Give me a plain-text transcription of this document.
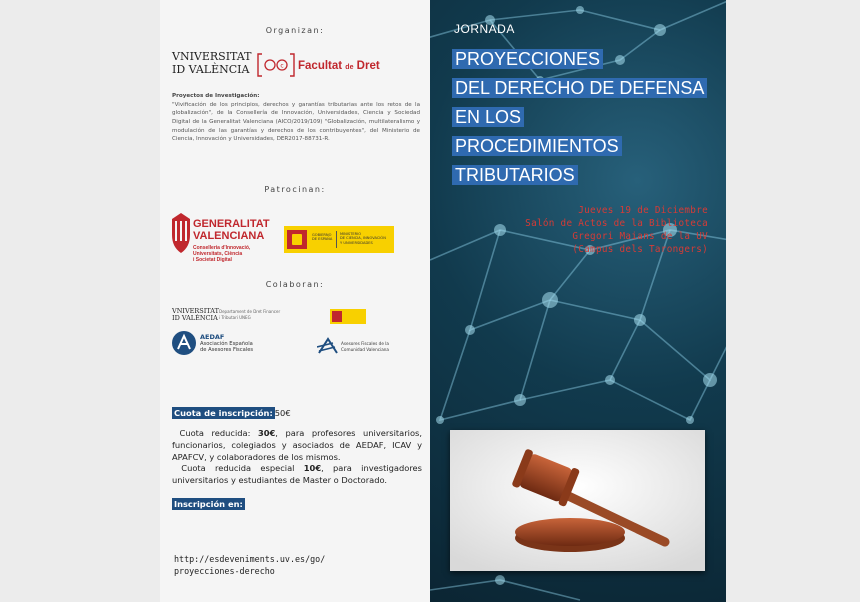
Organizan:
VNIVERSITAT
ID VALÈNCIA	c Facultat de Dret
Proyectos de Investigación:
"Vivificación de los principios, derechos y garantías tributarias ante los retos de la globalización", de la Consellería de Innovación, Universidades, Ciencia y Sociedad Digital de la Generalitat Valenciana (AICO/2019/109) "Globalización, multilateralismo y modulación de las garantías y derechos de los contribuyentes", del Ministerio de Ciencia, Innovación y Universidades, DER2017-88731-R.
Patrocinan:
GENERALITAT
VALENCIANA
Conselleria d'Innovació,
Universitats, Ciència
i Societat Digital
GOBIERNO
DE ESPAÑA
MINISTERIO
DE CIENCIA, INNOVACIÓN
Y UNIVERSIDADES
Colaboran:
VNIVERSITAT
ID VALÈNCIA
Departament de Dret Financer
i Tributari UNEG
AEDAF
Asociación Española
de Asesores Fiscales
Asesores Fiscales de la
Comunidad Valenciana
Cuota de inscripción: 50€
Cuota reducida: 30€, para profesores universitarios, funcionarios, colegiados y asociados de AEDAF, ICAV y APAFCV, y colaboradores de los mismos.
Cuota reducida especial 10€, para investigadores universitarios y estudiantes de Master o Doctorado.
Inscripción en:
http://esdeveniments.uv.es/go/
proyecciones-derecho
JORNADA
PROYECCIONES
DEL DERECHO DE DEFENSA
EN LOS
PROCEDIMIENTOS
TRIBUTARIOS
Jueves 19 de Diciembre
Salón de Actos de la Biblioteca
Gregori Maians de la UV
(Campus dels Tarongers)
